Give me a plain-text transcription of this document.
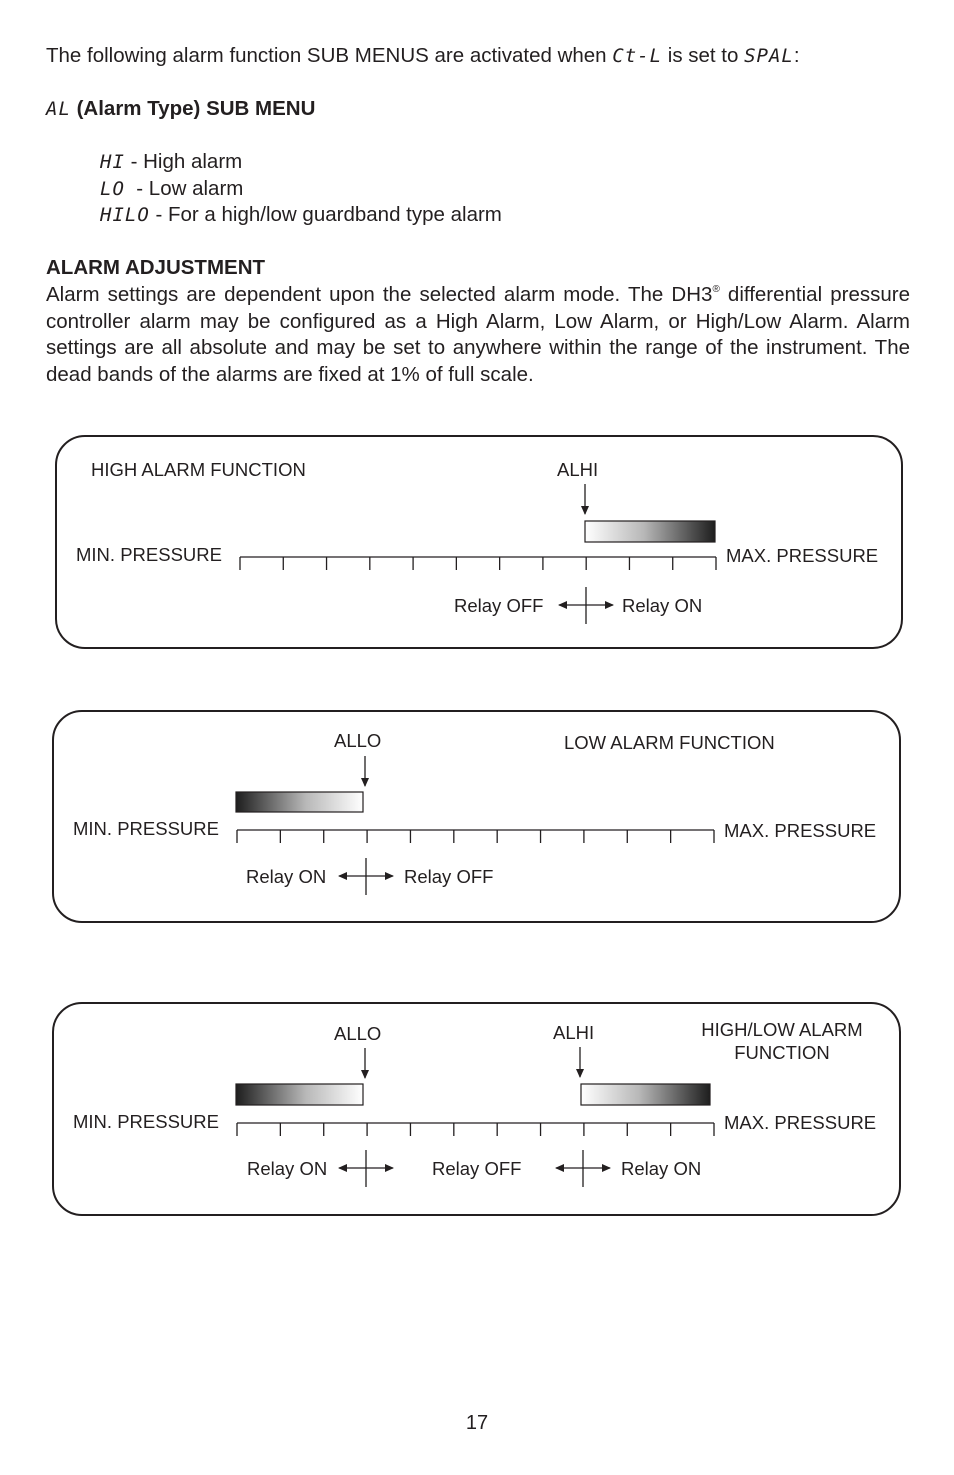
The following alarm function SUB MENUS are activated when Ct-L is set to SPAL:
AL (Alarm Type) SUB MENU
HI - High alarm
LO  - Low alarm
HILO - For a high/low guardband type alarm
ALARM ADJUSTMENT
Alarm settings are dependent upon the selected alarm mode. The DH3® differential pressure controller alarm may be configured as a High Alarm, Low Alarm, or High/Low Alarm. Alarm settings are all absolute and may be set to anywhere within the range of the instrument. The dead bands of the alarms are fixed at 1% of full scale.
HIGH ALARM FUNCTION	ALHI
MIN. PRESSURE	MAX. PRESSURE
Relay OFF	Relay ON
ALLO	LOW ALARM FUNCTION
MIN. PRESSURE	MAX. PRESSURE
Relay ON	Relay OFF
ALLO	ALHI	HIGH/LOW ALARM
FUNCTION
MIN. PRESSURE	MAX. PRESSURE
Relay ON	Relay OFF	Relay ON
17
